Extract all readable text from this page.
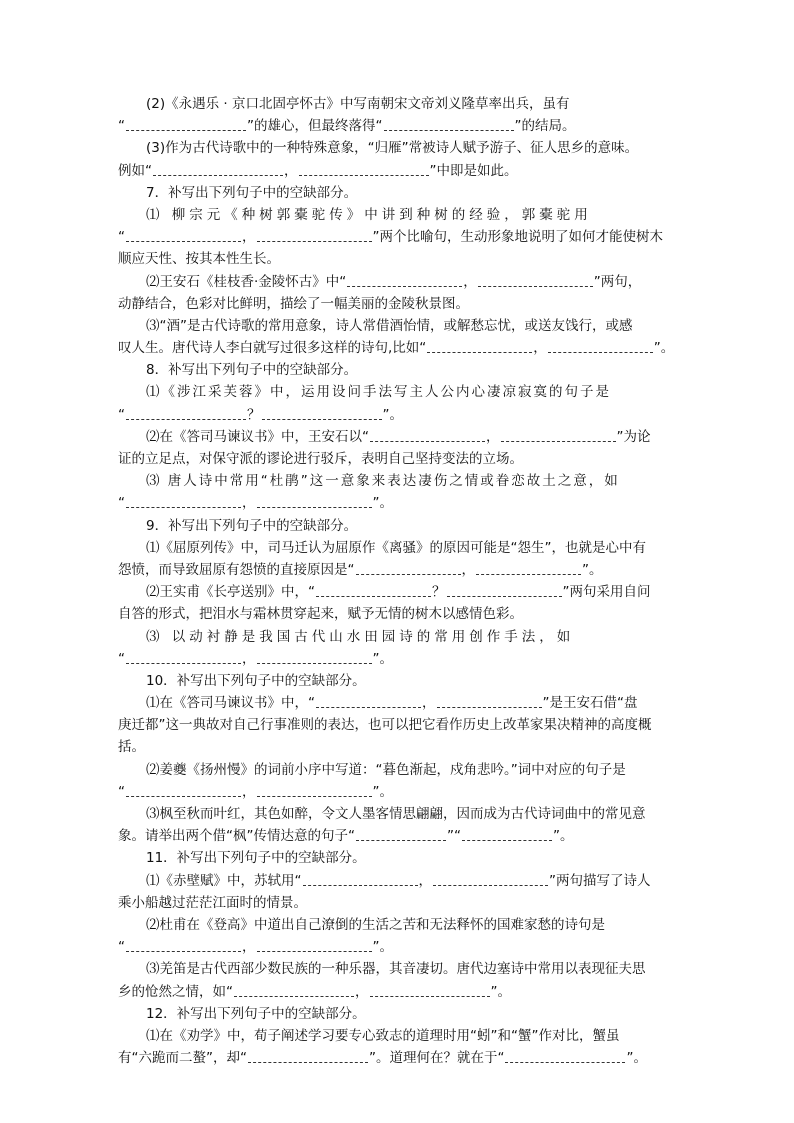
(2)《永遇乐 · 京口北固亭怀古》中写南朝宋文帝刘义隆草率出兵，虽有
“	”的雄心，但最终落得“	”的结局。
(3)作为古代诗歌中的一种特殊意象，“归雁”常被诗人赋予游子、征人思乡的意味。
例如“	，	”中即是如此。
7．补写出下列句子中的空缺部分。
⑴ 柳宗元《种树郭橐驼传》中讲到种树的经验，郭橐驼用
“	，	”两个比喻句，生动形象地说明了如何才能使树木
顺应天性、按其本性生长。
⑵王安石《桂枝香·金陵怀古》中“	，	”两句，
动静结合，色彩对比鲜明，描绘了一幅美丽的金陵秋景图。
⑶“酒”是古代诗歌的常用意象，诗人常借酒怡情，或解愁忘忧，或送友饯行，或感
叹人生。唐代诗人李白就写过很多这样的诗句,比如“	，	”。
8．补写出下列句子中的空缺部分。
⑴《涉江采芙蓉》中，运用设问手法写主人公内心凄凉寂寞的句子是
“	？	”。
⑵在《答司马谏议书》中，王安石以“	，	”为论
证的立足点，对保守派的谬论进行驳斥，表明自己坚持变法的立场。
⑶ 唐人诗中常用“杜鹃”这一意象来表达凄伤之情或眷恋故土之意，如
“	，	”。
9．补写出下列句子中的空缺部分。
⑴《屈原列传》中，司马迁认为屈原作《离骚》的原因可能是“怨生”，也就是心中有
怨愤，而导致屈原有怨愤的直接原因是“	，	”。
⑵王实甫《长亭送别》中，“	？	”两句采用自问
自答的形式，把泪水与霜林贯穿起来，赋予无情的树木以感情色彩。
⑶ 以动衬静是我国古代山水田园诗的常用创作手法，如
“	，	”。
10．补写出下列句子中的空缺部分。
⑴在《答司马谏议书》中，“	，	”是王安石借“盘
庚迁都”这一典故对自己行事准则的表达，也可以把它看作历史上改革家果决精神的高度概
括。
⑵姜夔《扬州慢》的词前小序中写道：“暮色渐起，戍角悲吟。”词中对应的句子是
“	，	”。
⑶枫至秋而叶红，其色如醉，令文人墨客情思翩翩，因而成为古代诗词曲中的常见意
象。请举出两个借“枫”传情达意的句子“	”“	”。
11．补写出下列句子中的空缺部分。
⑴《赤壁赋》中，苏轼用“	，	”两句描写了诗人
乘小船越过茫茫江面时的情景。
⑵杜甫在《登高》中道出自己潦倒的生活之苦和无法释怀的国难家愁的诗句是
“	，	”。
⑶羌笛是古代西部少数民族的一种乐器，其音凄切。唐代边塞诗中常用以表现征夫思
乡的怆然之情，如“	，	”。
12．补写出下列句子中的空缺部分。
⑴在《劝学》中，荀子阐述学习要专心致志的道理时用“蚓”和“蟹”作对比，蟹虽
有“六跪而二螯”，却“	”。道理何在？就在于“	”。
